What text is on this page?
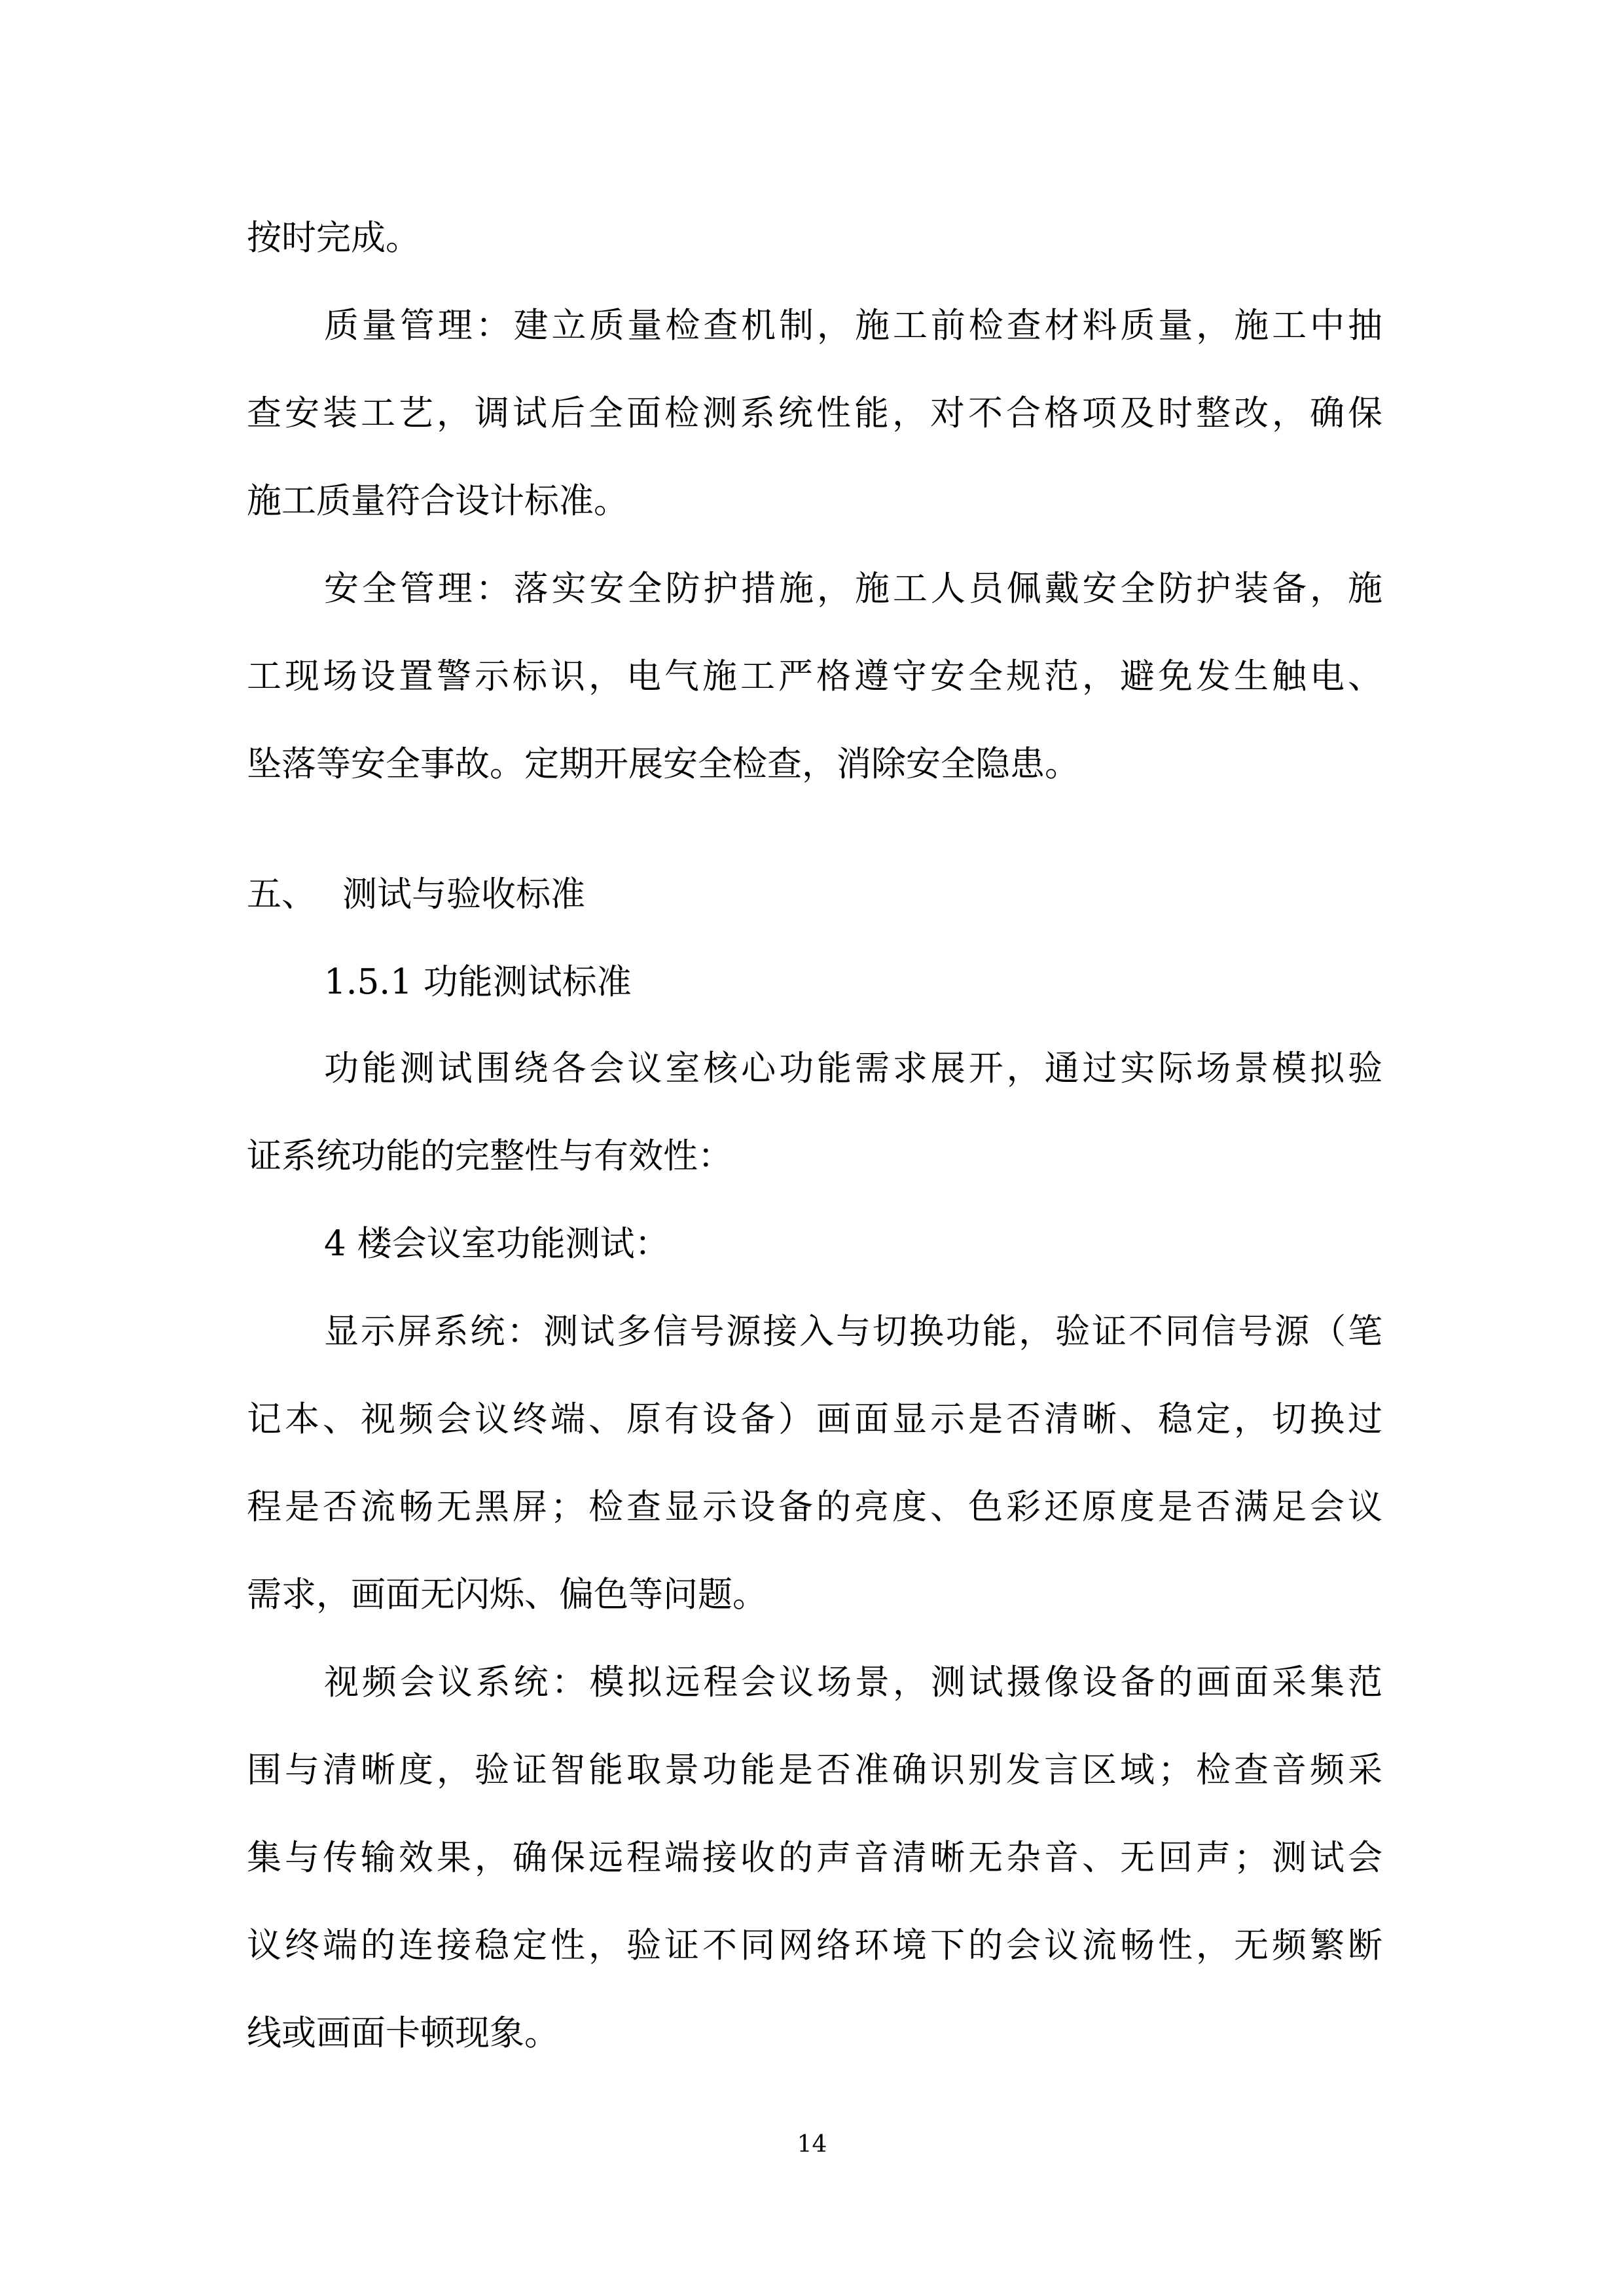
按时完成。

质量管理：建立质量检查机制，施工前检查材料质量，施工中抽

查安装工艺，调试后全面检测系统性能，对不合格项及时整改，确保

施工质量符合设计标准。

安全管理：落实安全防护措施，施工人员佩戴安全防护装备，施

工现场设置警示标识，电气施工严格遵守安全规范，避免发生触电、

坠落等安全事故。定期开展安全检查，消除安全隐患。

五、 测试与验收标准

1.5.1 功能测试标准

功能测试围绕各会议室核心功能需求展开，通过实际场景模拟验

证系统功能的完整性与有效性：

4 楼会议室功能测试：

显示屏系统：测试多信号源接入与切换功能，验证不同信号源（笔

记本、视频会议终端、原有设备）画面显示是否清晰、稳定，切换过

程是否流畅无黑屏；检查显示设备的亮度、色彩还原度是否满足会议

需求，画面无闪烁、偏色等问题。

视频会议系统：模拟远程会议场景，测试摄像设备的画面采集范

围与清晰度，验证智能取景功能是否准确识别发言区域；检查音频采

集与传输效果，确保远程端接收的声音清晰无杂音、无回声；测试会

议终端的连接稳定性，验证不同网络环境下的会议流畅性，无频繁断

线或画面卡顿现象。

14
